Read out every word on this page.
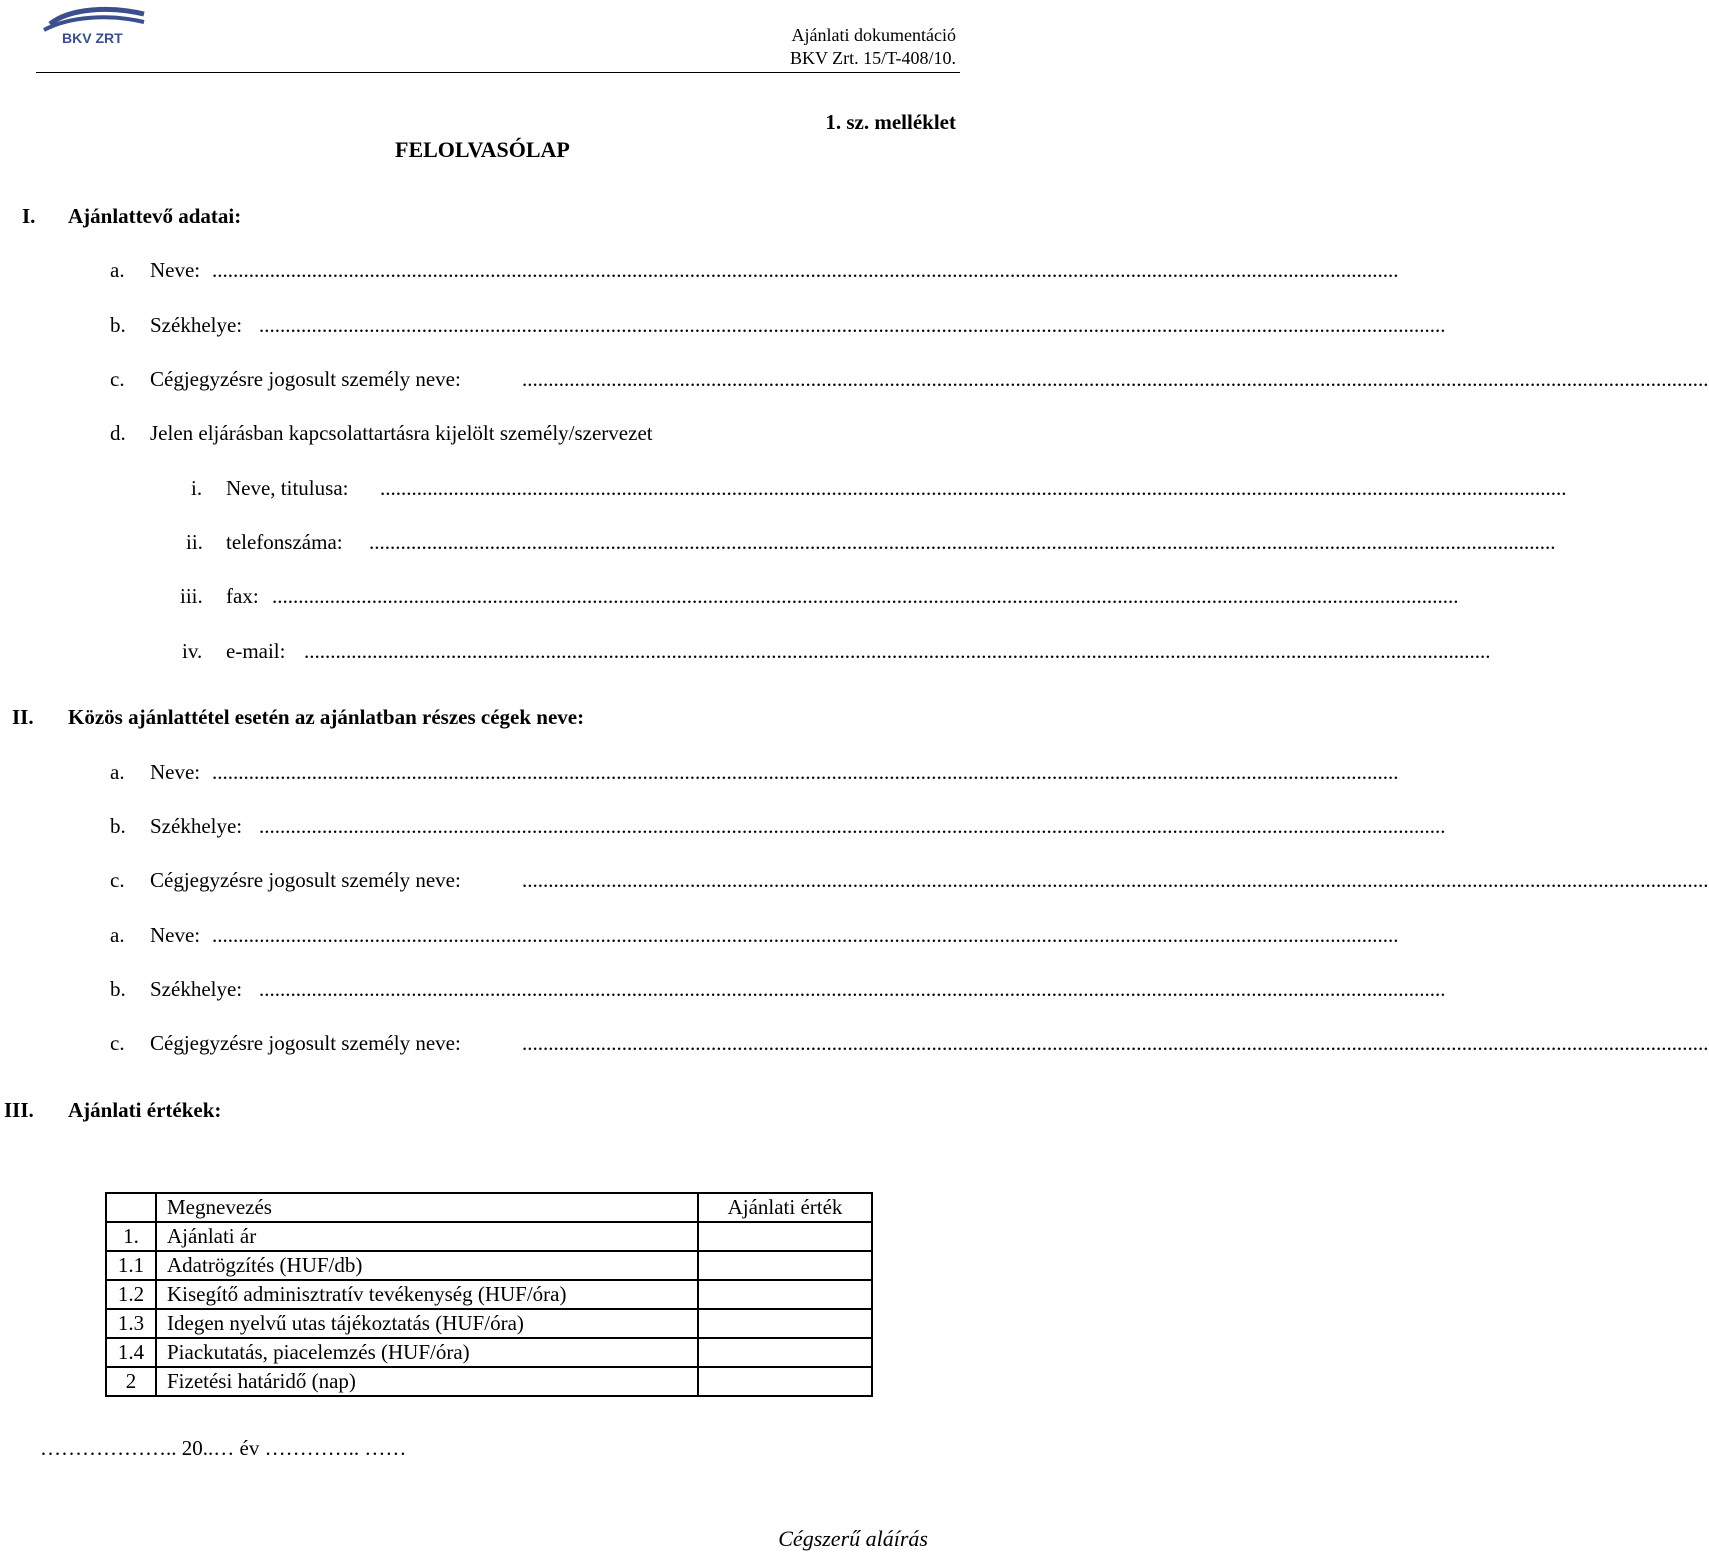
BKV ZRT	Ajánlati dokumentáció
BKV Zrt. 15/T-408/10.
1. sz. melléklet
FELOLVASÓLAP
I. Ajánlattevő adatai:
a. Neve: ..................................................................................................................................................................................................................................
b. Székhelye: ..................................................................................................................................................................................................................................
c. Cégjegyzésre jogosult személy neve:	..................................................................................................................................................................................................................................
d. Jelen eljárásban kapcsolattartásra kijelölt személy/szervezet
i. Neve, titulusa: ..................................................................................................................................................................................................................................
ii. telefonszáma: ..................................................................................................................................................................................................................................
iii. fax: ..................................................................................................................................................................................................................................
iv. e-mail: ..................................................................................................................................................................................................................................
II. Közös ajánlattétel esetén az ajánlatban részes cégek neve:
a. Neve: ..................................................................................................................................................................................................................................
b. Székhelye: ..................................................................................................................................................................................................................................
c. Cégjegyzésre jogosult személy neve:	..................................................................................................................................................................................................................................
a. Neve: ..................................................................................................................................................................................................................................
b. Székhelye: ..................................................................................................................................................................................................................................
c. Cégjegyzésre jogosult személy neve:	..................................................................................................................................................................................................................................
III. Ajánlati értékek:
	Megnevezés	Ajánlati érték
1.	Ajánlati ár	
1.1	Adatrögzítés (HUF/db)	
1.2	Kisegítő adminisztratív tevékenység (HUF/óra)	
1.3	Idegen nyelvű utas tájékoztatás (HUF/óra)	
1.4	Piackutatás, piacelemzés (HUF/óra)	
2	Fizetési határidő (nap)	
……………….. 20..… év ………….. ……
Cégszerű aláírás
